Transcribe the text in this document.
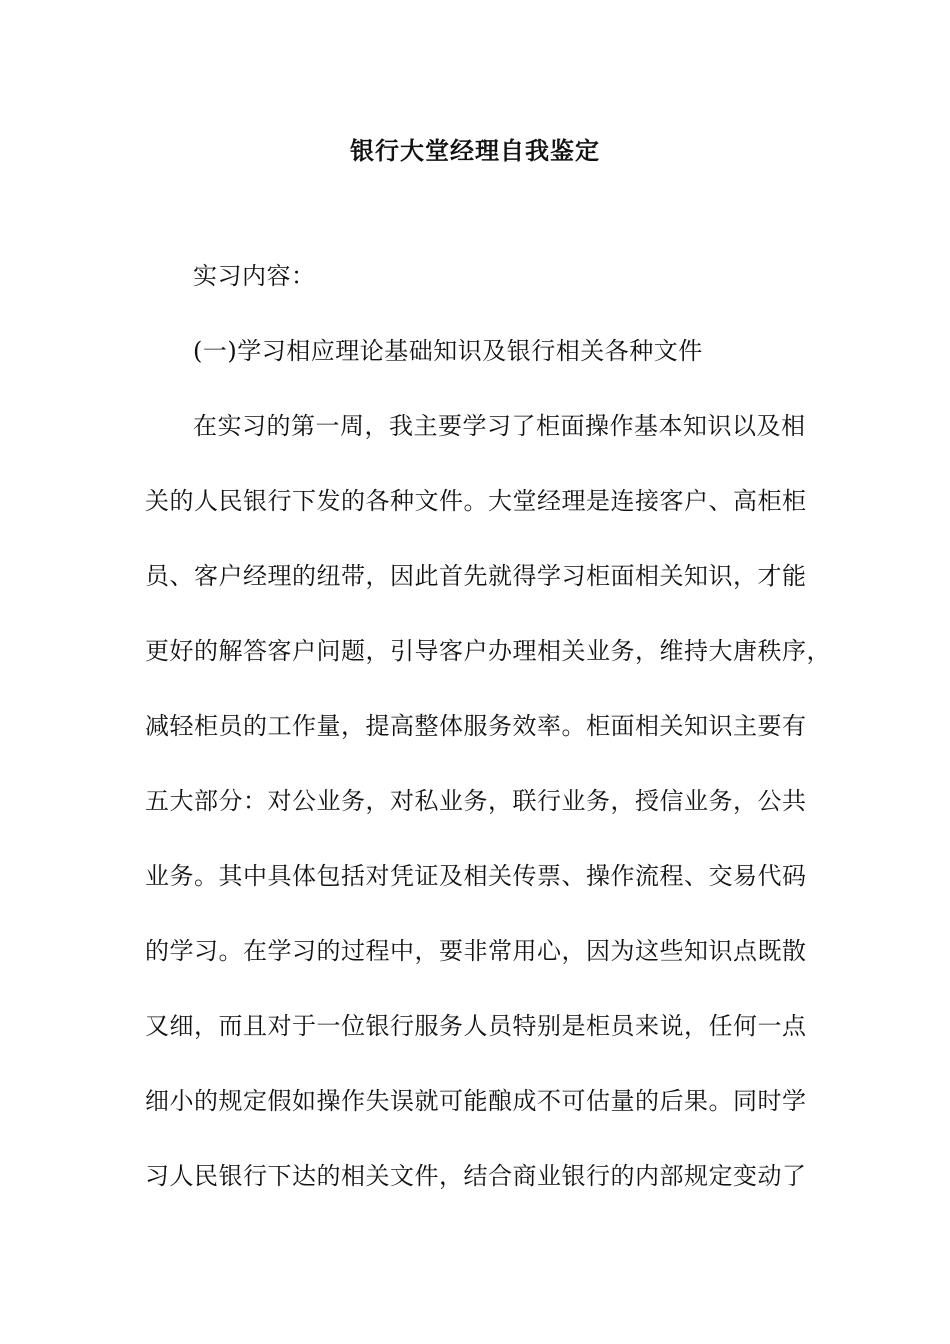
银行大堂经理自我鉴定
实习内容：
(一)学习相应理论基础知识及银行相关各种文件
在实习的第一周，我主要学习了柜面操作基本知识以及相
关的人民银行下发的各种文件。大堂经理是连接客户、高柜柜
员、客户经理的纽带，因此首先就得学习柜面相关知识，才能
更好的解答客户问题，引导客户办理相关业务，维持大唐秩序，
减轻柜员的工作量，提高整体服务效率。柜面相关知识主要有
五大部分：对公业务，对私业务，联行业务，授信业务，公共
业务。其中具体包括对凭证及相关传票、操作流程、交易代码
的学习。在学习的过程中，要非常用心，因为这些知识点既散
又细，而且对于一位银行服务人员特别是柜员来说，任何一点
细小的规定假如操作失误就可能酿成不可估量的后果。同时学
习人民银行下达的相关文件，结合商业银行的内部规定变动了
